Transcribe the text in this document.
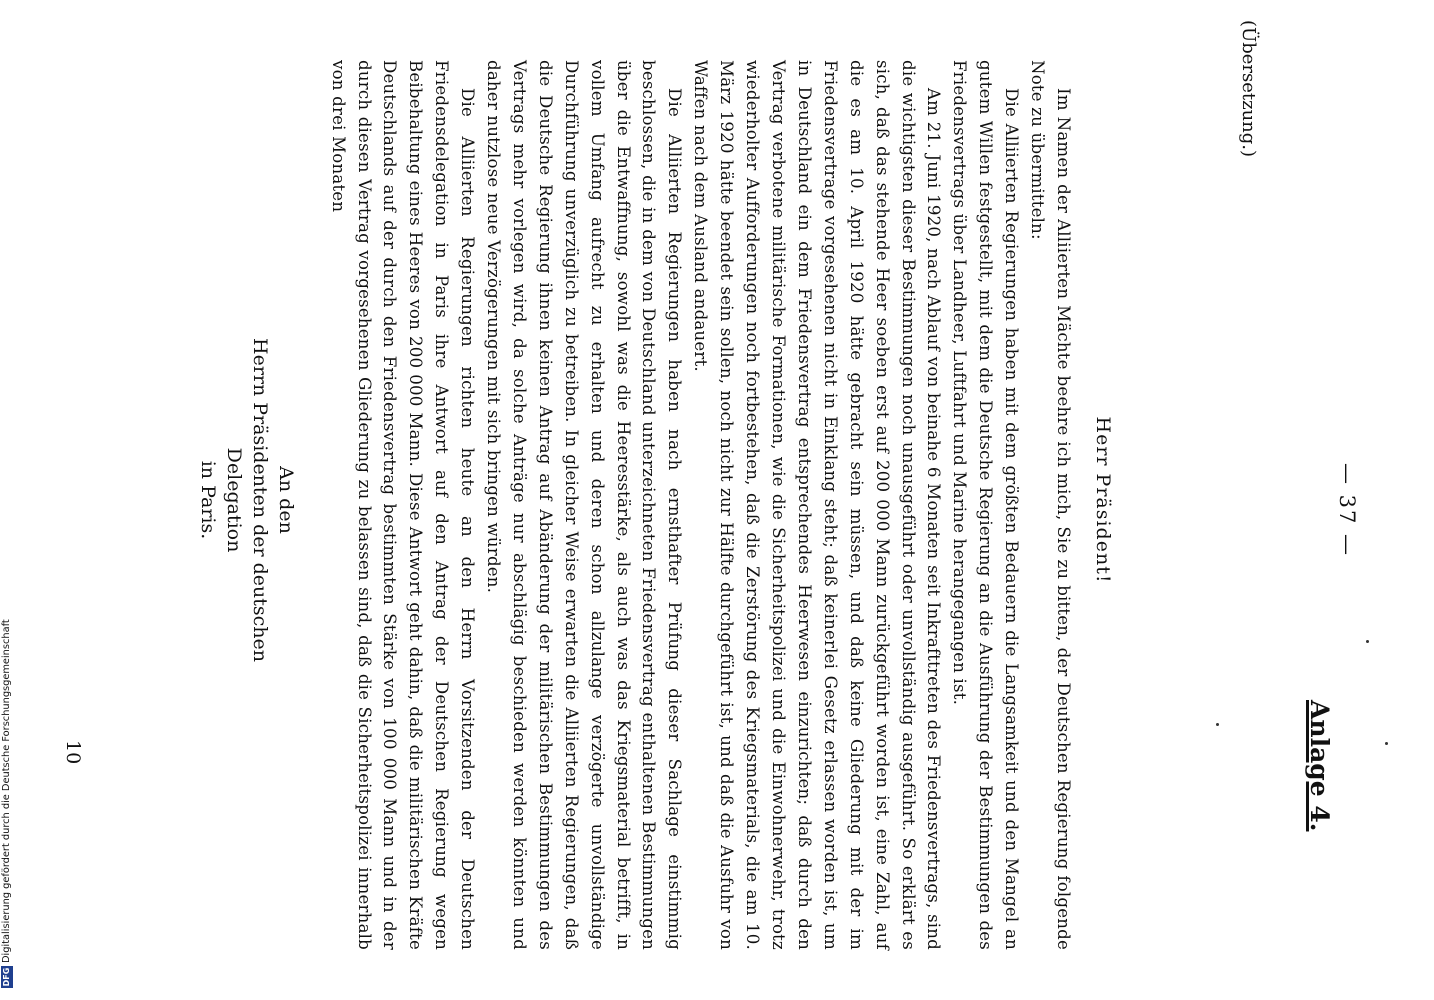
— 37 —
Anlage 4.
(Übersetzung.)
Herr Präsident!

Im Namen der Alliierten Mächte beehre ich mich, Sie zu bitten, der Deutschen Regierung folgende Note zu übermitteln:

Die Alliierten Regierungen haben mit dem größten Bedauern die Langsamkeit und den Mangel an gutem Willen festgestellt, mit dem die Deutsche Regierung an die Ausführung der Bestimmungen des Friedensvertrags über Landheer, Luftfahrt und Marine herangegangen ist.

Am 21. Juni 1920, nach Ablauf von beinahe 6 Monaten seit Inkrafttreten des Friedensvertrags, sind die wichtigsten dieser Bestimmungen noch unausgeführt oder unvollständig ausgeführt. So erklärt es sich, daß das stehende Heer soeben erst auf 200 000 Mann zurückgeführt worden ist, eine Zahl, auf die es am 10. April 1920 hätte gebracht sein müssen, und daß keine Gliederung mit der im Friedensvertrage vorgesehenen nicht in Einklang steht; daß keinerlei Gesetz erlassen worden ist, um in Deutschland ein dem Friedensvertrag entsprechendes Heerwesen einzurichten; daß durch den Vertrag verbotene militärische Formationen, wie die Sicherheitspolizei und die Einwohnerwehr, trotz wiederholter Aufforderungen noch fortbestehen, daß die Zerstörung des Kriegsmaterials, die am 10. März 1920 hätte beendet sein sollen, noch nicht zur Hälfte durchgeführt ist, und daß die Ausfuhr von Waffen nach dem Ausland andauert.

Die Alliierten Regierungen haben nach ernsthafter Prüfung dieser Sachlage einstimmig beschlossen, die in dem von Deutschland unterzeichneten Friedensvertrag enthaltenen Bestimmungen über die Entwaffnung, sowohl was die Heeresstärke, als auch was das Kriegsmaterial betrifft, in vollem Umfang aufrecht zu erhalten und deren schon allzulange verzögerte unvollständige Durchführung unverzüglich zu betreiben. In gleicher Weise erwarten die Alliierten Regierungen, daß die Deutsche Regierung ihnen keinen Antrag auf Abänderung der militärischen Bestimmungen des Vertrags mehr vorlegen wird, da solche Anträge nur abschlägig beschieden werden könnten und daher nutzlose neue Verzögerungen mit sich bringen würden.

Die Alliierten Regierungen richten heute an den Herrn Vorsitzenden der Deutschen Friedensdelegation in Paris ihre Antwort auf den Antrag der Deutschen Regierung wegen Beibehaltung eines Heeres von 200 000 Mann. Diese Antwort geht dahin, daß die militärischen Kräfte Deutschlands auf der durch den Friedensvertrag bestimmten Stärke von 100 000 Mann und in der durch diesen Vertrag vorgesehenen Gliederung zu belassen sind, daß die Sicherheitspolizei innerhalb von drei Monaten

An den
Herrn Präsidenten der deutschen Delegation
in Paris.
10
DFG
Digitalisierung gefördert durch die Deutsche Forschungsgemeinschaft
